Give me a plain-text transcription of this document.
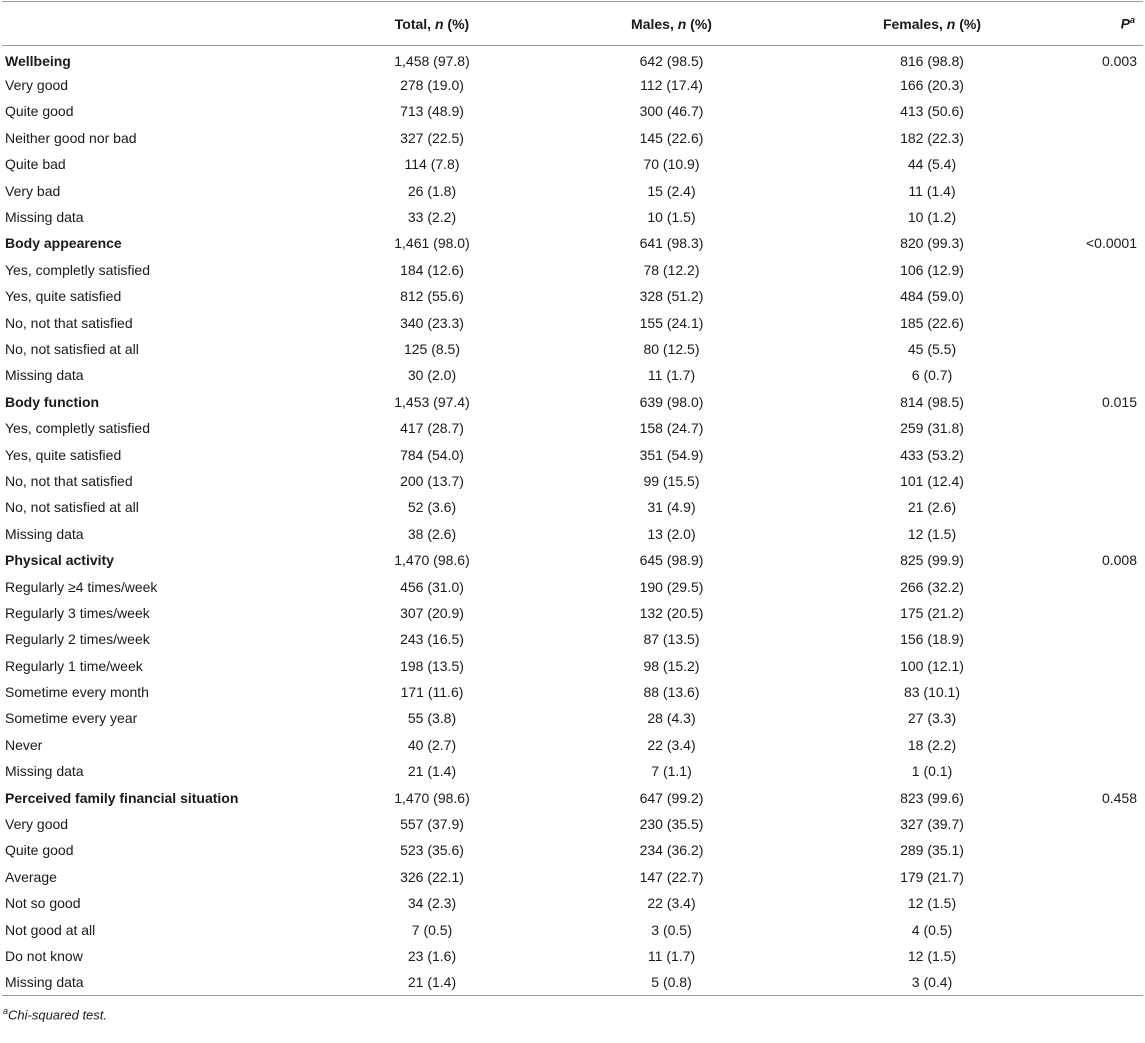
	Total, n (%)	Males, n (%)	Females, n (%)	$P^a$
Wellbeing	1,458 (97.8)	642 (98.5)	816 (98.8)	0.003
Very good	278 (19.0)	112 (17.4)	166 (20.3)	
Quite good	713 (48.9)	300 (46.7)	413 (50.6)	
Neither good nor bad	327 (22.5)	145 (22.6)	182 (22.3)	
Quite bad	114 (7.8)	70 (10.9)	44 (5.4)	
Very bad	26 (1.8)	15 (2.4)	11 (1.4)	
Missing data	33 (2.2)	10 (1.5)	10 (1.2)	
Body appearence	1,461 (98.0)	641 (98.3)	820 (99.3)	<0.0001
Yes, completly satisfied	184 (12.6)	78 (12.2)	106 (12.9)	
Yes, quite satisfied	812 (55.6)	328 (51.2)	484 (59.0)	
No, not that satisfied	340 (23.3)	155 (24.1)	185 (22.6)	
No, not satisfied at all	125 (8.5)	80 (12.5)	45 (5.5)	
Missing data	30 (2.0)	11 (1.7)	6 (0.7)	
Body function	1,453 (97.4)	639 (98.0)	814 (98.5)	0.015
Yes, completly satisfied	417 (28.7)	158 (24.7)	259 (31.8)	
Yes, quite satisfied	784 (54.0)	351 (54.9)	433 (53.2)	
No, not that satisfied	200 (13.7)	99 (15.5)	101 (12.4)	
No, not satisfied at all	52 (3.6)	31 (4.9)	21 (2.6)	
Missing data	38 (2.6)	13 (2.0)	12 (1.5)	
Physical activity	1,470 (98.6)	645 (98.9)	825 (99.9)	0.008
Regularly ≥4 times/week	456 (31.0)	190 (29.5)	266 (32.2)	
Regularly 3 times/week	307 (20.9)	132 (20.5)	175 (21.2)	
Regularly 2 times/week	243 (16.5)	87 (13.5)	156 (18.9)	
Regularly 1 time/week	198 (13.5)	98 (15.2)	100 (12.1)	
Sometime every month	171 (11.6)	88 (13.6)	83 (10.1)	
Sometime every year	55 (3.8)	28 (4.3)	27 (3.3)	
Never	40 (2.7)	22 (3.4)	18 (2.2)	
Missing data	21 (1.4)	7 (1.1)	1 (0.1)	
Perceived family financial situation	1,470 (98.6)	647 (99.2)	823 (99.6)	0.458
Very good	557 (37.9)	230 (35.5)	327 (39.7)	
Quite good	523 (35.6)	234 (36.2)	289 (35.1)	
Average	326 (22.1)	147 (22.7)	179 (21.7)	
Not so good	34 (2.3)	22 (3.4)	12 (1.5)	
Not good at all	7 (0.5)	3 (0.5)	4 (0.5)	
Do not know	23 (1.6)	11 (1.7)	12 (1.5)	
Missing data	21 (1.4)	5 (0.8)	3 (0.4)	
$^a$Chi-squared test.
